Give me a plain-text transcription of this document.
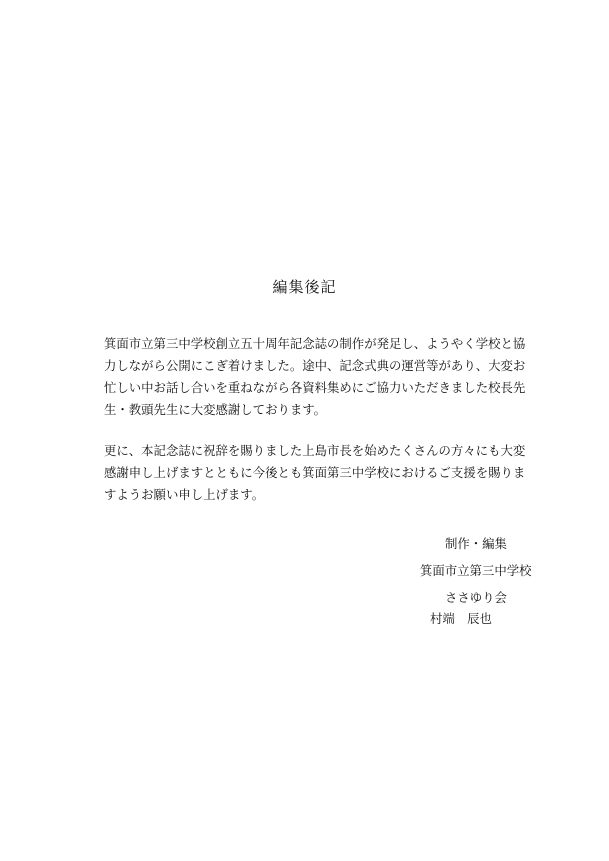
編集後記
箕面市立第三中学校創立五十周年記念誌の制作が発足し、ようやく学校と協
力しながら公開にこぎ着けました。途中、記念式典の運営等があり、大変お
忙しい中お話し合いを重ねながら各資料集めにご協力いただきました校長先
生・教頭先生に大変感謝しております。
更に、本記念誌に祝辞を賜りました上島市長を始めたくさんの方々にも大変
感謝申し上げますとともに今後とも箕面第三中学校におけるご支援を賜りま
すようお願い申し上げます。
制作・編集
箕面市立第三中学校
ささゆり会
村端　辰也
